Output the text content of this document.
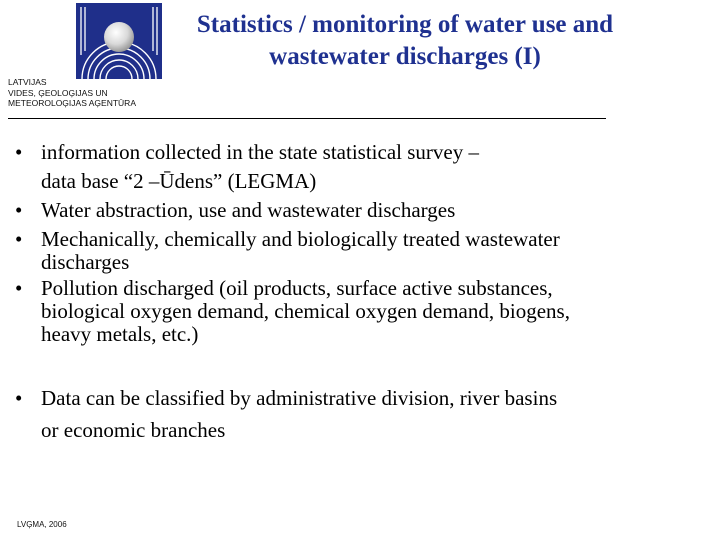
LATVIJAS
VIDES, ĢEOLOĢIJAS UN
METEOROLOĢIJAS AĢENTŪRA

Statistics / monitoring of water use and
wastewater discharges (I)
• information collected in the state statistical survey –
data base “2 –Ūdens” (LEGMA)
• Water abstraction, use and wastewater discharges
• Mechanically, chemically and biologically treated wastewater
discharges
• Pollution discharged (oil products, surface active substances,
biological oxygen demand, chemical oxygen demand, biogens,
heavy metals, etc.)
• Data can be classified by administrative division, river basins
or economic branches

LVĢMA, 2006
